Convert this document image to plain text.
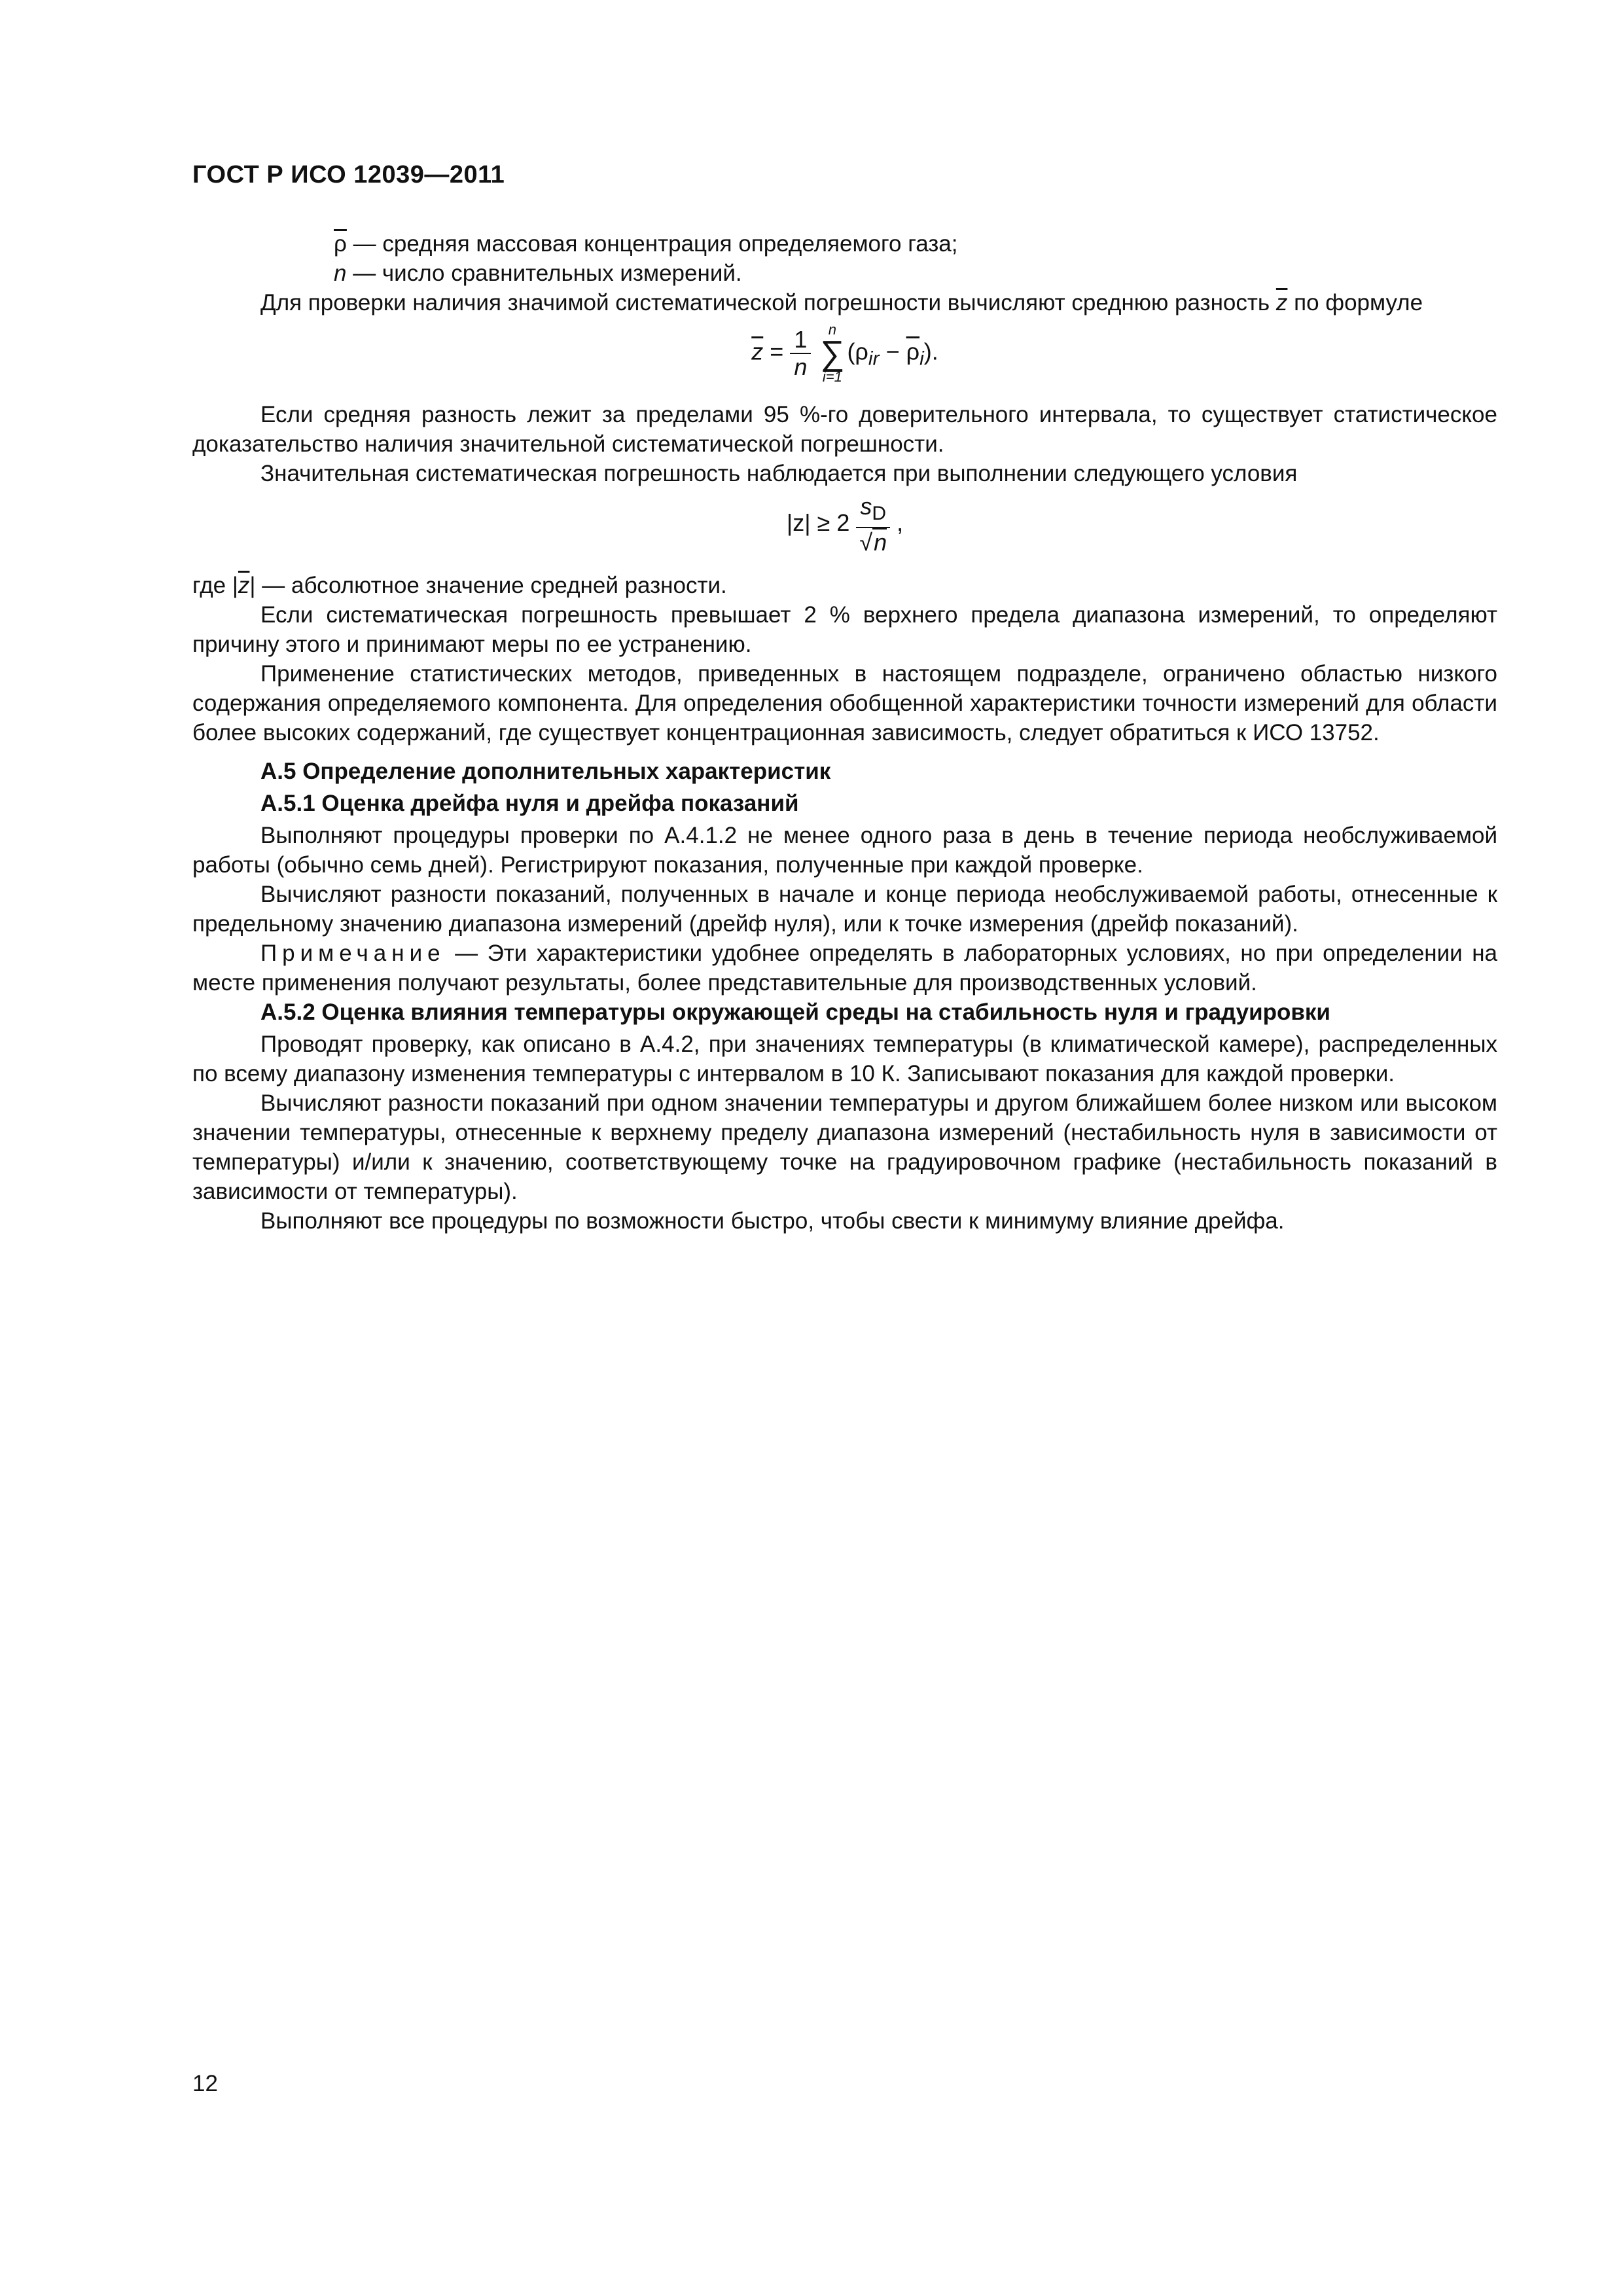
ГОСТ Р ИСО 12039—2011
$\overline{\rho}$ — средняя массовая концентрация определяемого газа;
n — число сравнительных измерений.

Для проверки наличия значимой систематической погрешности вычисляют среднюю разность $\overline{z}$ по формуле

$\overline{z} = \frac{1}{n}$
	n
∑
i=1
$(\rho_{ir} - \overline{\rho}_i)$.

Если средняя разность лежит за пределами 95 %-го доверительного интервала, то существует статистическое доказательство наличия значительной систематической погрешности.

Значительная систематическая погрешность наблюдается при выполнении следующего условия

$|z| \ge 2 \frac{s_D}{√n}$ ,

где $|\overline{z}|$ — абсолютное значение средней разности.

Если систематическая погрешность превышает 2 % верхнего предела диапазона измерений, то определяют причину этого и принимают меры по ее устранению.

Применение статистических методов, приведенных в настоящем подразделе, ограничено областью низкого содержания определяемого компонента. Для определения обобщенной характеристики точности измерений для области более высоких содержаний, где существует концентрационная зависимость, следует обратиться к ИСО 13752.

А.5 Определение дополнительных характеристик
А.5.1 Оценка дрейфа нуля и дрейфа показаний

Выполняют процедуры проверки по А.4.1.2 не менее одного раза в день в течение периода необслуживаемой работы (обычно семь дней). Регистрируют показания, полученные при каждой проверке.

Вычисляют разности показаний, полученных в начале и конце периода необслуживаемой работы, отнесенные к предельному значению диапазона измерений (дрейф нуля), или к точке измерения (дрейф показаний).

Примечание — Эти характеристики удобнее определять в лабораторных условиях, но при определении на месте применения получают результаты, более представительные для производственных условий.

А.5.2 Оценка влияния температуры окружающей среды на стабильность нуля и градуировки

Проводят проверку, как описано в А.4.2, при значениях температуры (в климатической камере), распределенных по всему диапазону изменения температуры с интервалом в 10 К. Записывают показания для каждой проверки.

Вычисляют разности показаний при одном значении температуры и другом ближайшем более низком или высоком значении температуры, отнесенные к верхнему пределу диапазона измерений (нестабильность нуля в зависимости от температуры) и/или к значению, соответствующему точке на градуировочном графике (нестабильность показаний в зависимости от температуры).

Выполняют все процедуры по возможности быстро, чтобы свести к минимуму влияние дрейфа.

12
